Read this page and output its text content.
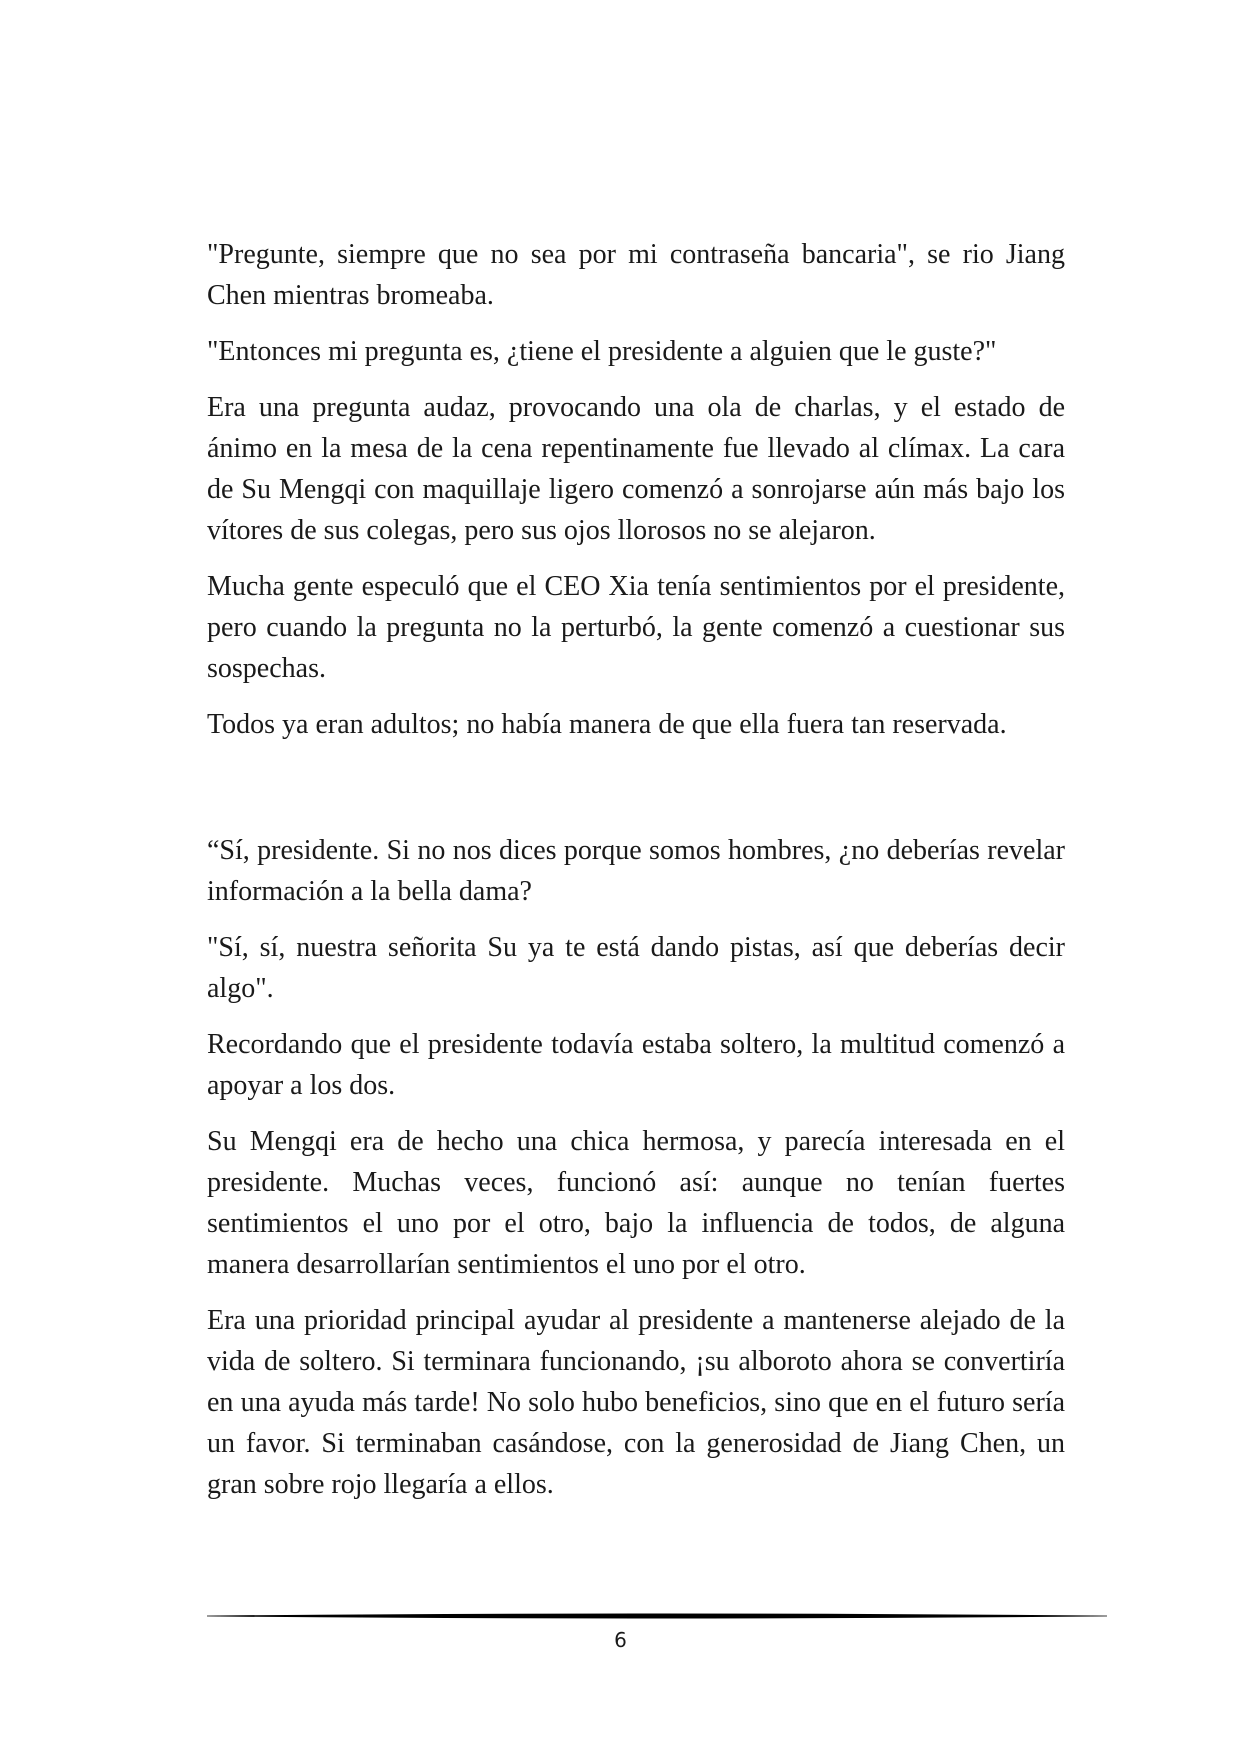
"Pregunte, siempre que no sea por mi contraseña bancaria", se rio Jiang Chen mientras bromeaba.

"Entonces mi pregunta es, ¿tiene el presidente a alguien que le guste?"

Era una pregunta audaz, provocando una ola de charlas, y el estado de ánimo en la mesa de la cena repentinamente fue llevado al clímax. La cara de Su Mengqi con maquillaje ligero comenzó a sonrojarse aún más bajo los vítores de sus colegas, pero sus ojos llorosos no se alejaron.

Mucha gente especuló que el CEO Xia tenía sentimientos por el presidente, pero cuando la pregunta no la perturbó, la gente comenzó a cuestionar sus sospechas.

Todos ya eran adultos; no había manera de que ella fuera tan reservada.

“Sí, presidente. Si no nos dices porque somos hombres, ¿no deberías revelar información a la bella dama?

"Sí, sí, nuestra señorita Su ya te está dando pistas, así que deberías decir algo".

Recordando que el presidente todavía estaba soltero, la multitud comenzó a apoyar a los dos.

Su Mengqi era de hecho una chica hermosa, y parecía interesada en el presidente. Muchas veces, funcionó así: aunque no tenían fuertes sentimientos el uno por el otro, bajo la influencia de todos, de alguna manera desarrollarían sentimientos el uno por el otro.

Era una prioridad principal ayudar al presidente a mantenerse alejado de la vida de soltero. Si terminara funcionando, ¡su alboroto ahora se convertiría en una ayuda más tarde! No solo hubo beneficios, sino que en el futuro sería un favor. Si terminaban casándose, con la generosidad de Jiang Chen, un gran sobre rojo llegaría a ellos.

6
